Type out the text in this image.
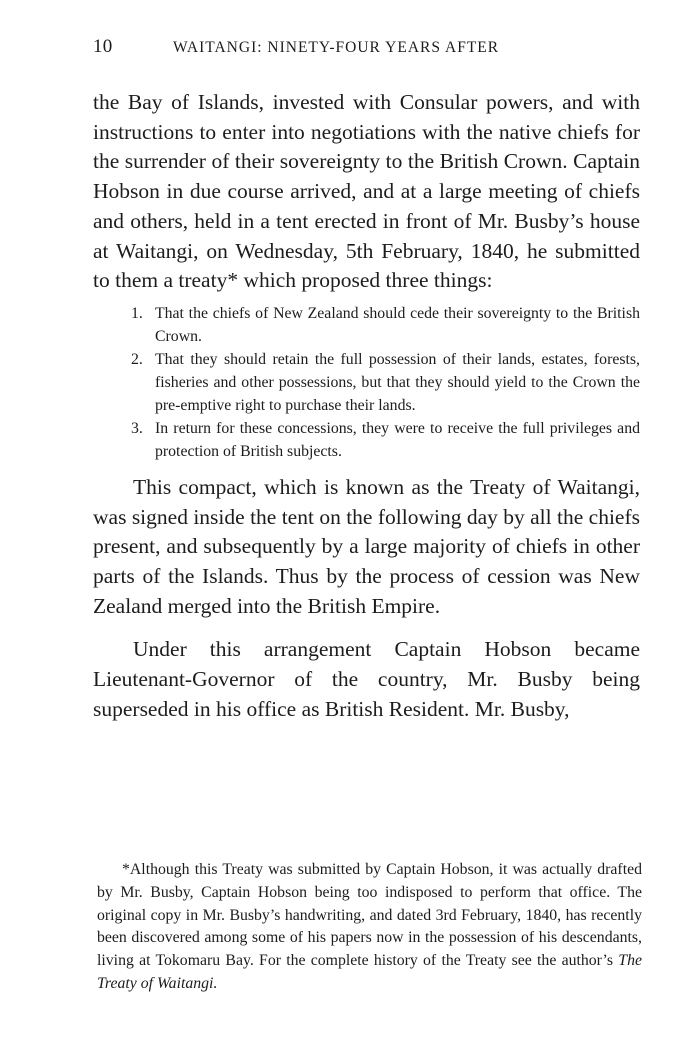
10	WAITANGI: NINETY-FOUR YEARS AFTER

the Bay of Islands, invested with Consular powers, and with instructions to enter into negotiations with the native chiefs for the surrender of their sovereignty to the British Crown. Captain Hobson in due course arrived, and at a large meeting of chiefs and others, held in a tent erected in front of Mr. Busby’s house at Waitangi, on Wednesday, 5th February, 1840, he submitted to them a treaty* which proposed three things:

1. That the chiefs of New Zealand should cede their sovereignty to the British Crown.
2. That they should retain the full possession of their lands, estates, forests, fisheries and other possessions, but that they should yield to the Crown the pre-emptive right to purchase their lands.
3. In return for these concessions, they were to receive the full privileges and protection of British subjects.

This compact, which is known as the Treaty of Waitangi, was signed inside the tent on the following day by all the chiefs present, and subsequently by a large majority of chiefs in other parts of the Islands. Thus by the process of cession was New Zealand merged into the British Empire.

Under this arrangement Captain Hobson became Lieutenant-Governor of the country, Mr. Busby being superseded in his office as British Resident. Mr. Busby,

*Although this Treaty was submitted by Captain Hobson, it was actually drafted by Mr. Busby, Captain Hobson being too indisposed to perform that office. The original copy in Mr. Busby’s handwriting, and dated 3rd February, 1840, has recently been discovered among some of his papers now in the possession of his descendants, living at Tokomaru Bay. For the complete history of the Treaty see the author’s The Treaty of Waitangi.
